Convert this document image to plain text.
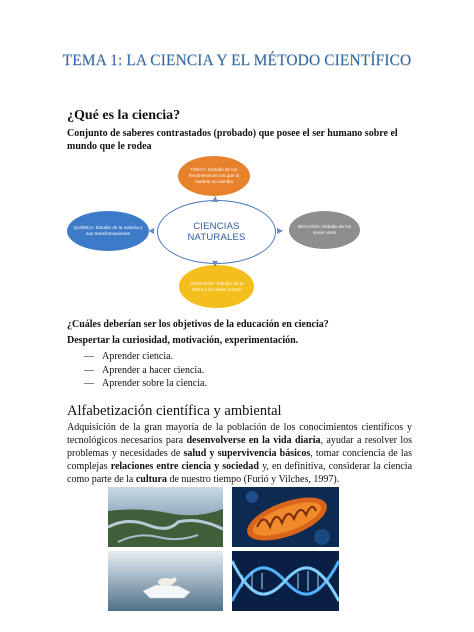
TEMA 1: LA CIENCIA Y EL MÉTODO CIENTÍFICO
¿Qué es la ciencia?
Conjunto de saberes contrastados (probado) que posee el ser humano sobre el mundo que le rodea
FÍSICA: Estudio de los fenómenos en los que la materia no cambia
QUÍMICA: Estudio de la materia y sus transformaciones
CIENCIAS NATURALES
BIOLOGÍA: Estudio de los seres vivos
GEOLOGÍA: Estudio de la Tierra y los seres inertes
▲
◀	▶
▼
¿Cuáles deberían ser los objetivos de la educación en ciencia?
Despertar la curiosidad, motivación, experimentación.
— Aprender ciencia.
— Aprender a hacer ciencia.
— Aprender sobre la ciencia.
Alfabetización científica y ambiental
Adquisición de la gran mayoría de la población de los conocimientos científicos y tecnológicos necesarios para desenvolverse en la vida diaria, ayudar a resolver los problemas y necesidades de salud y supervivencia básicos, tomar conciencia de las complejas relaciones entre ciencia y sociedad y, en definitiva, considerar la ciencia como parte de la cultura de nuestro tiempo (Furió y Vilches, 1997).
